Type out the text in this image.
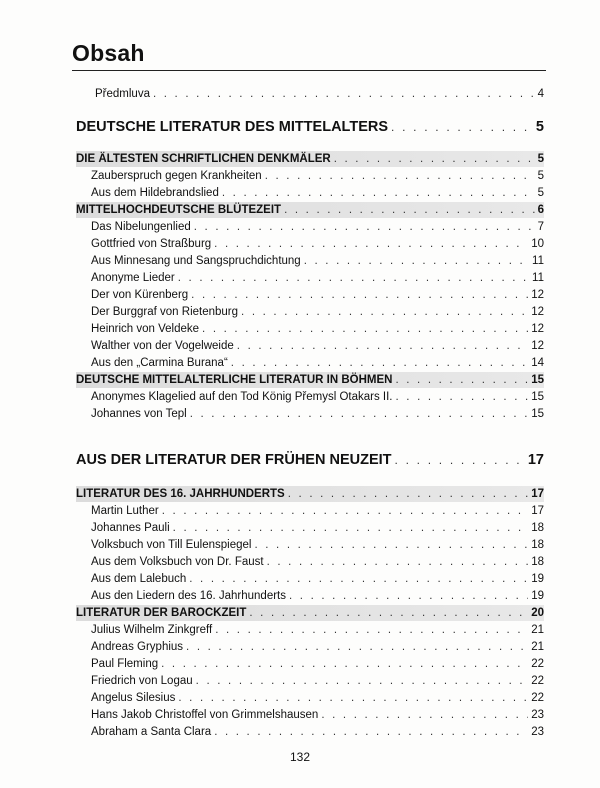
Obsah
Předmluva . . .	4
DEUTSCHE LITERATUR DES MITTELALTERS . . .	5
DIE ÄLTESTEN SCHRIFTLICHEN DENKMÄLER . . .	5
Zauberspruch gegen Krankheiten . . .	5
Aus dem Hildebrandslied . . .	5
MITTELHOCHDEUTSCHE BLÜTEZEIT . . .	6
Das Nibelungenlied . . .	7
Gottfried von Straßburg . . .	10
Aus Minnesang und Sangspruchdichtung . . .	11
Anonyme Lieder . . .	11
Der von Kürenberg . . .	12
Der Burggraf von Rietenburg . . .	12
Heinrich von Veldeke . . .	12
Walther von der Vogelweide . . .	12
Aus den „Carmina Burana“ . . .	14
DEUTSCHE MITTELALTERLICHE LITERATUR IN BÖHMEN . . .	15
Anonymes Klagelied auf den Tod König Přemysl Otakars II. . . .	15
Johannes von Tepl . . .	15
AUS DER LITERATUR DER FRÜHEN NEUZEIT . . .	17
LITERATUR DES 16. JAHRHUNDERTS . . .	17
Martin Luther . . .	17
Johannes Pauli . . .	18
Volksbuch von Till Eulenspiegel . . .	18
Aus dem Volksbuch von Dr. Faust . . .	18
Aus dem Lalebuch . . .	19
Aus den Liedern des 16. Jahrhunderts . . .	19
LITERATUR DER BAROCKZEIT . . .	20
Julius Wilhelm Zinkgreff . . .	21
Andreas Gryphius . . .	21
Paul Fleming . . .	22
Friedrich von Logau . . .	22
Angelus Silesius . . .	22
Hans Jakob Christoffel von Grimmelshausen . . .	23
Abraham a Santa Clara . . .	23
132
